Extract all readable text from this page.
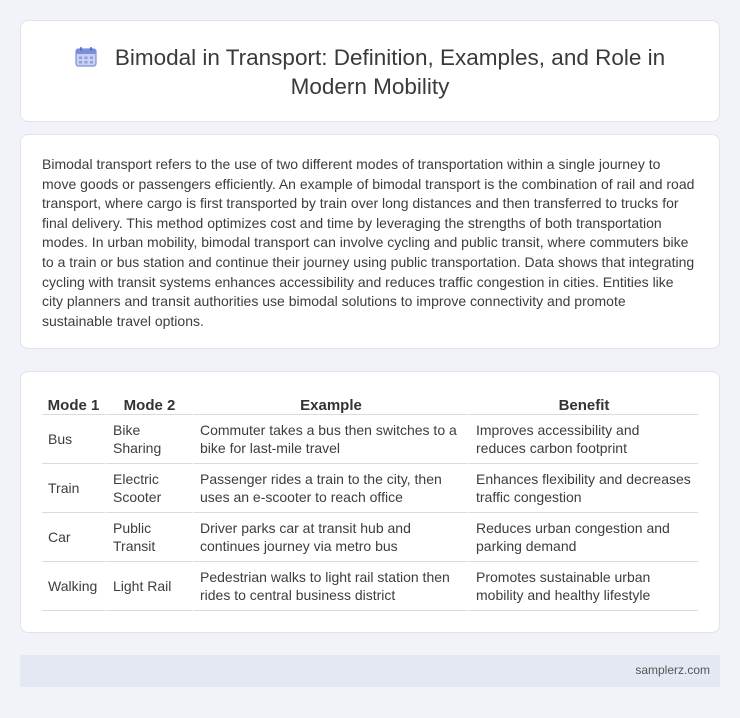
Bimodal in Transport: Definition, Examples, and Role in Modern Mobility

Bimodal transport refers to the use of two different modes of transportation within a single journey to move goods or passengers efficiently. An example of bimodal transport is the combination of rail and road transport, where cargo is first transported by train over long distances and then transferred to trucks for final delivery. This method optimizes cost and time by leveraging the strengths of both transportation modes. In urban mobility, bimodal transport can involve cycling and public transit, where commuters bike to a train or bus station and continue their journey using public transportation. Data shows that integrating cycling with transit systems enhances accessibility and reduces traffic congestion in cities. Entities like city planners and transit authorities use bimodal solutions to improve connectivity and promote sustainable travel options.

Mode 1	Mode 2	Example	Benefit
Bus	Bike Sharing	Commuter takes a bus then switches to a bike for last-mile travel	Improves accessibility and reduces carbon footprint
Train	Electric Scooter	Passenger rides a train to the city, then uses an e-scooter to reach office	Enhances flexibility and decreases traffic congestion
Car	Public Transit	Driver parks car at transit hub and continues journey via metro bus	Reduces urban congestion and parking demand
Walking	Light Rail	Pedestrian walks to light rail station then rides to central business district	Promotes sustainable urban mobility and healthy lifestyle
samplerz.com
